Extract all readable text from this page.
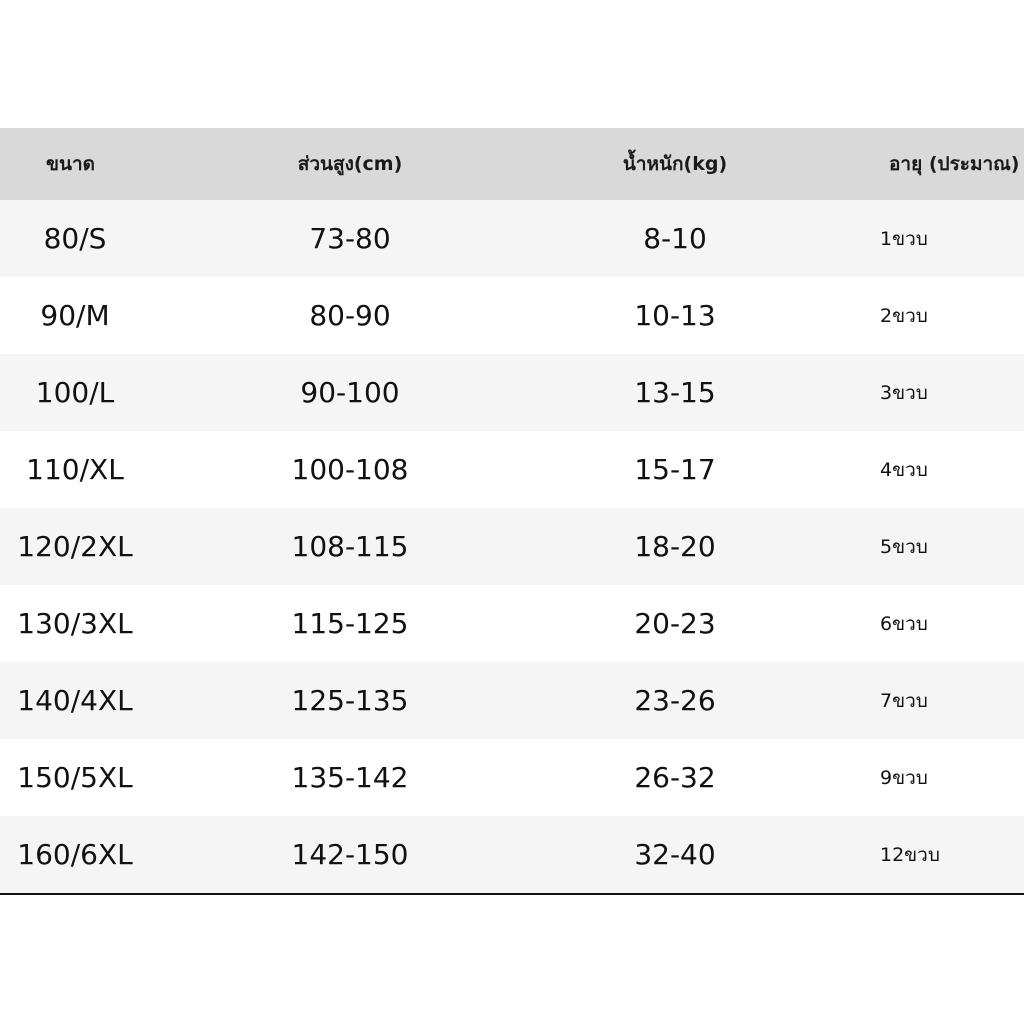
ขนาด	ส่วนสูง(cm)	น้ำหนัก(kg)	อายุ (ประมาณ)
80/S	73-80	8-10	1ขวบ
90/M	80-90	10-13	2ขวบ
100/L	90-100	13-15	3ขวบ
110/XL	100-108	15-17	4ขวบ
120/2XL	108-115	18-20	5ขวบ
130/3XL	115-125	20-23	6ขวบ
140/4XL	125-135	23-26	7ขวบ
150/5XL	135-142	26-32	9ขวบ
160/6XL	142-150	32-40	12ขวบ
